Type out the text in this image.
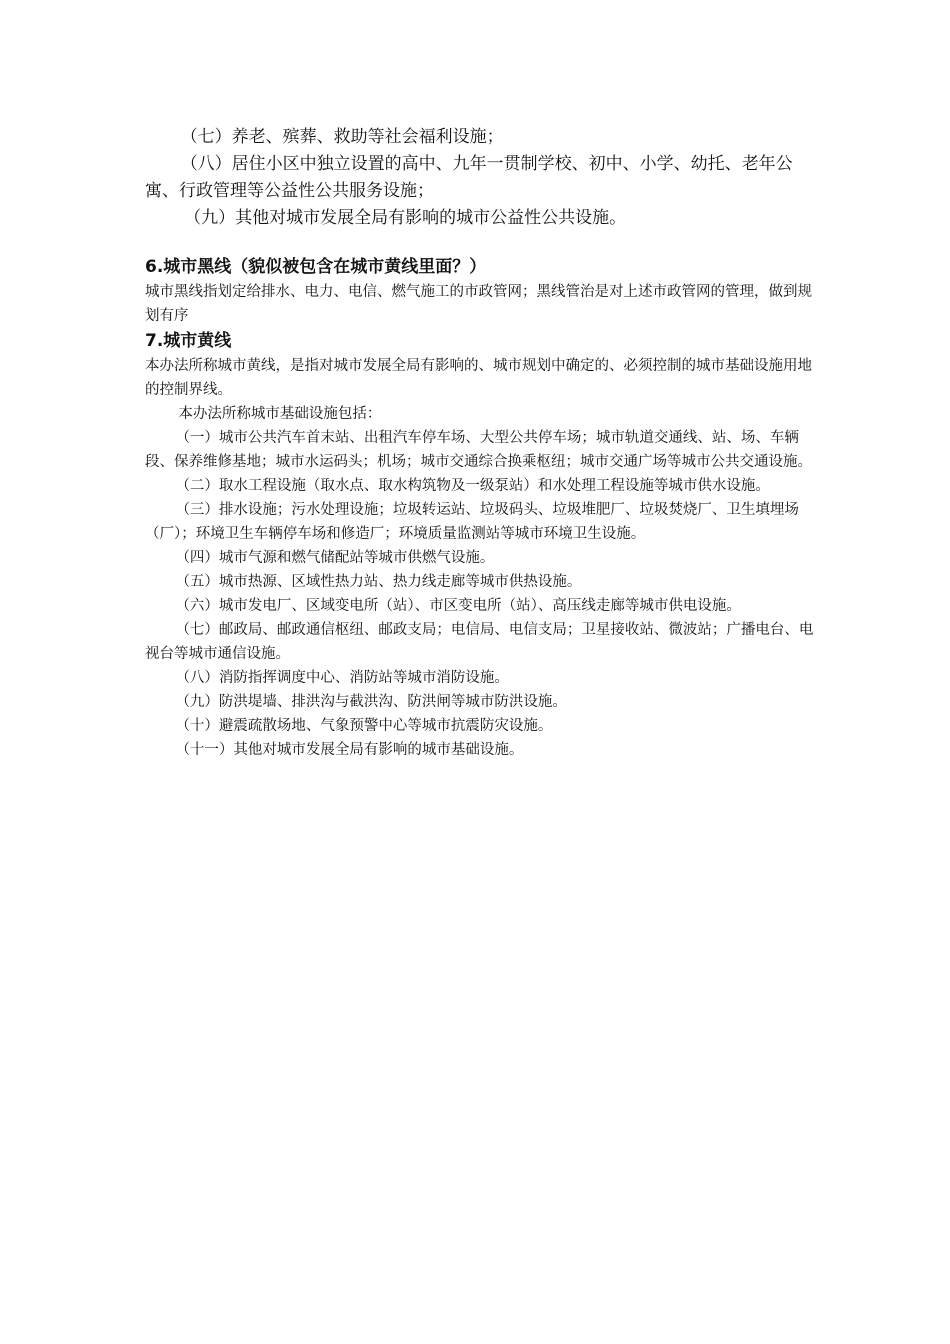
（七）养老、殡葬、救助等社会福利设施；

（八）居住小区中独立设置的高中、九年一贯制学校、初中、小学、幼托、老年公寓、行政管理等公益性公共服务设施；

（九）其他对城市发展全局有影响的城市公益性公共设施。

6.城市黑线（貌似被包含在城市黄线里面？）

城市黑线指划定给排水、电力、电信、燃气施工的市政管网；黑线管治是对上述市政管网的管理，做到规划有序

7.城市黄线

本办法所称城市黄线，是指对城市发展全局有影响的、城市规划中确定的、必须控制的城市基础设施用地的控制界线。

本办法所称城市基础设施包括：

（一）城市公共汽车首末站、出租汽车停车场、大型公共停车场；城市轨道交通线、站、场、车辆段、保养维修基地；城市水运码头；机场；城市交通综合换乘枢纽；城市交通广场等城市公共交通设施。

（二）取水工程设施（取水点、取水构筑物及一级泵站）和水处理工程设施等城市供水设施。

（三）排水设施；污水处理设施；垃圾转运站、垃圾码头、垃圾堆肥厂、垃圾焚烧厂、卫生填埋场（厂）；环境卫生车辆停车场和修造厂；环境质量监测站等城市环境卫生设施。

（四）城市气源和燃气储配站等城市供燃气设施。

（五）城市热源、区域性热力站、热力线走廊等城市供热设施。

（六）城市发电厂、区域变电所（站）、市区变电所（站）、高压线走廊等城市供电设施。

（七）邮政局、邮政通信枢纽、邮政支局；电信局、电信支局；卫星接收站、微波站；广播电台、电视台等城市通信设施。

（八）消防指挥调度中心、消防站等城市消防设施。

（九）防洪堤墙、排洪沟与截洪沟、防洪闸等城市防洪设施。

（十）避震疏散场地、气象预警中心等城市抗震防灾设施。

（十一）其他对城市发展全局有影响的城市基础设施。
